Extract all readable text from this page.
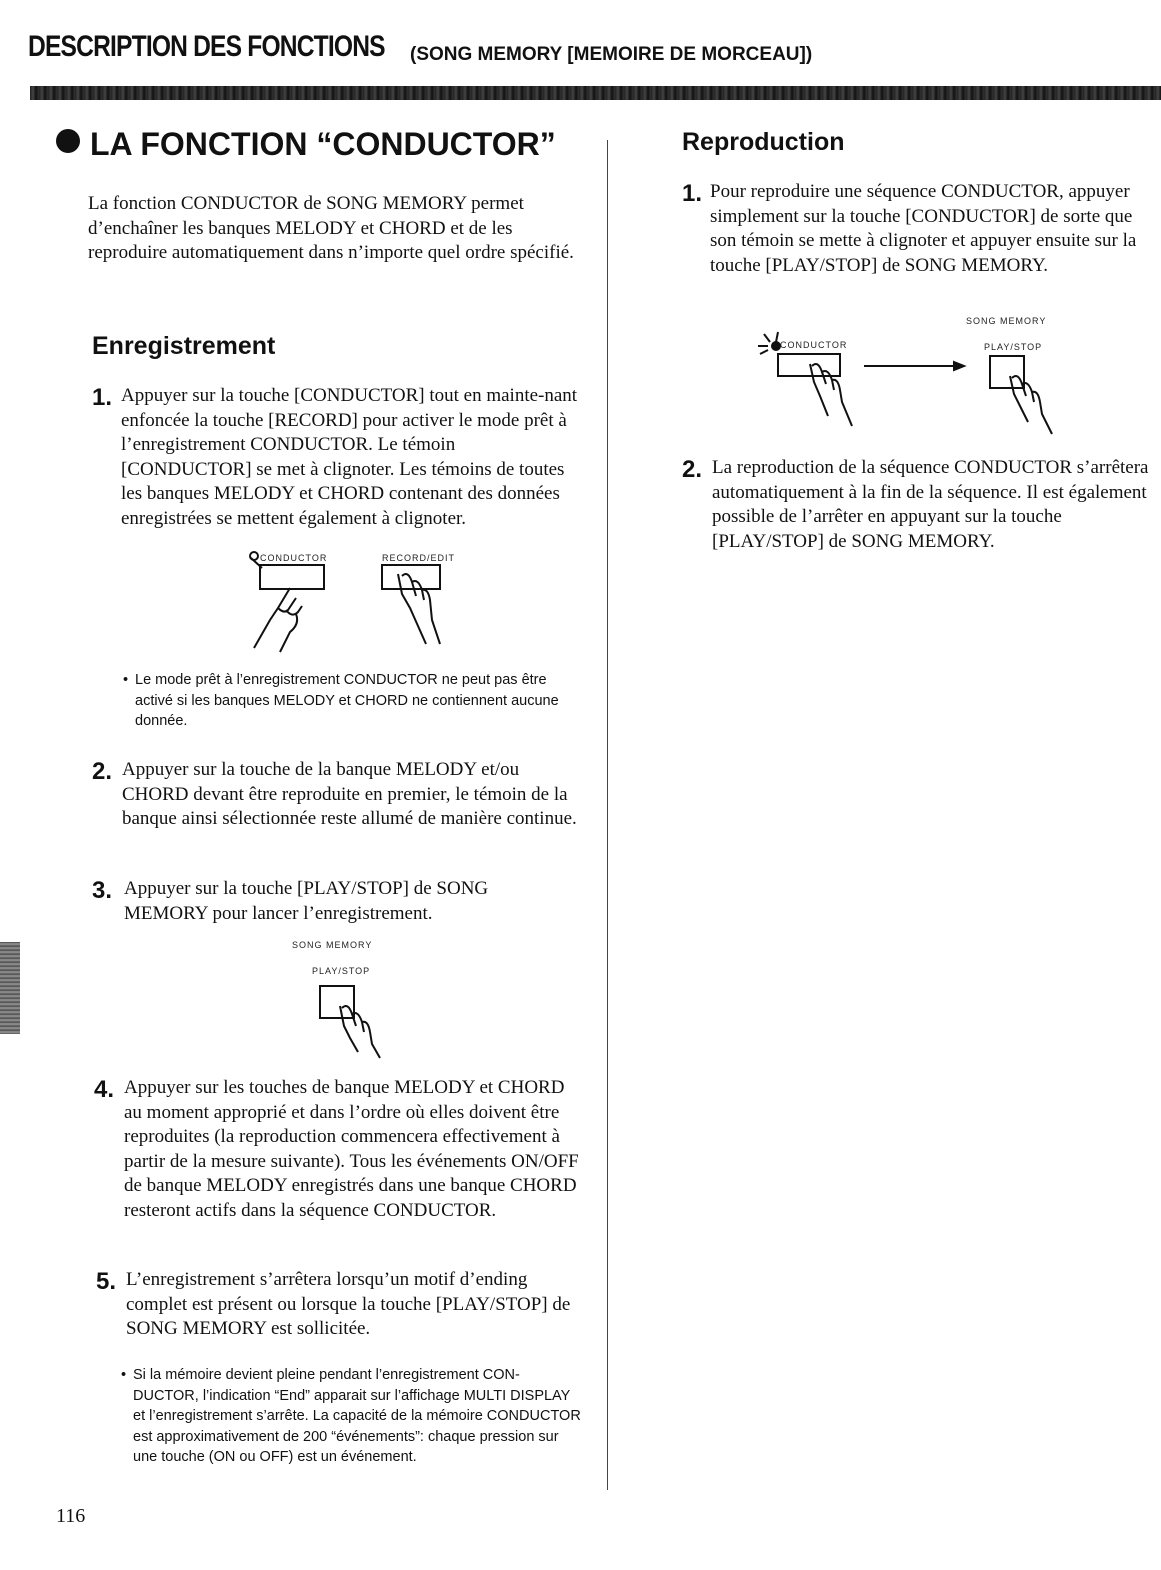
DESCRIPTION DES FONCTIONS (SONG MEMORY [MEMOIRE DE MORCEAU])
LA FONCTION “CONDUCTOR”
La fonction CONDUCTOR de SONG MEMORY permet d’enchaîner les banques MELODY et CHORD et de les reproduire automatiquement dans n’importe quel ordre spécifié.
Enregistrement
1. Appuyer sur la touche [CONDUCTOR] tout en mainte-nant enfoncée la touche [RECORD] pour activer le mode prêt à l’enregistrement CONDUCTOR. Le témoin [CONDUCTOR] se met à clignoter. Les témoins de toutes les banques MELODY et CHORD contenant des données enregistrées se mettent également à clignoter.
CONDUCTOR	RECORD/EDIT
• Le mode prêt à l’enregistrement CONDUCTOR ne peut pas être activé si les banques MELODY et CHORD ne contiennent aucune donnée.
2. Appuyer sur la touche de la banque MELODY et/ou CHORD devant être reproduite en premier, le témoin de la banque ainsi sélectionnée reste allumé de manière continue.
3. Appuyer sur la touche [PLAY/STOP] de SONG MEMORY pour lancer l’enregistrement.
SONG MEMORY
PLAY/STOP
4. Appuyer sur les touches de banque MELODY et CHORD au moment approprié et dans l’ordre où elles doivent être reproduites (la reproduction commencera effectivement à partir de la mesure suivante). Tous les événements ON/OFF de banque MELODY enregistrés dans une banque CHORD resteront actifs dans la séquence CONDUCTOR.
5. L’enregistrement s’arrêtera lorsqu’un motif d’ending complet est présent ou lorsque la touche [PLAY/STOP] de SONG MEMORY est sollicitée.
• Si la mémoire devient pleine pendant l’enregistrement CON-DUCTOR, l’indication “End” apparait sur l’affichage MULTI DISPLAY et l’enregistrement s’arrête. La capacité de la mémoire CONDUCTOR est approximativement de 200 “événements”: chaque pression sur une touche (ON ou OFF) est un événement.
Reproduction
1. Pour reproduire une séquence CONDUCTOR, appuyer simplement sur la touche [CONDUCTOR] de sorte que son témoin se mette à clignoter et appuyer ensuite sur la touche [PLAY/STOP] de SONG MEMORY.
SONG MEMORY
CONDUCTOR	PLAY/STOP
2. La reproduction de la séquence CONDUCTOR s’arrêtera automatiquement à la fin de la séquence. Il est également possible de l’arrêter en appuyant sur la touche [PLAY/STOP] de SONG MEMORY.
116
